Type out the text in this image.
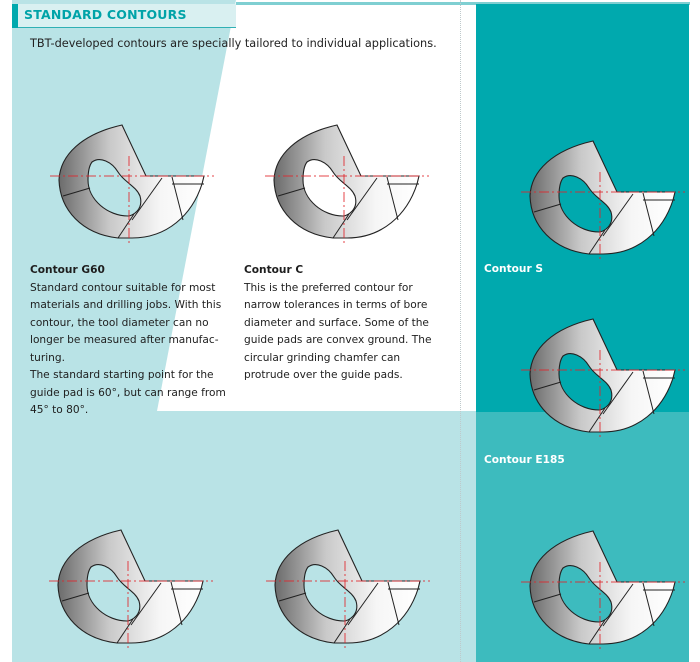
STANDARD CONTOURS
TBT-developed contours are specially tailored to individual applications.
Contour G60

Standard contour suitable for most

materials and drilling jobs. With this

contour, the tool diameter can no

longer be measured after manufac-

turing.

The standard starting point for the

guide pad is 60°, but can range from

45° to 80°.

Contour C

This is the preferred contour for

narrow tolerances in terms of bore

diameter and surface. Some of the

guide pads are convex ground. The

circular grinding chamfer can

protrude over the guide pads.

Contour S
Contour E185
